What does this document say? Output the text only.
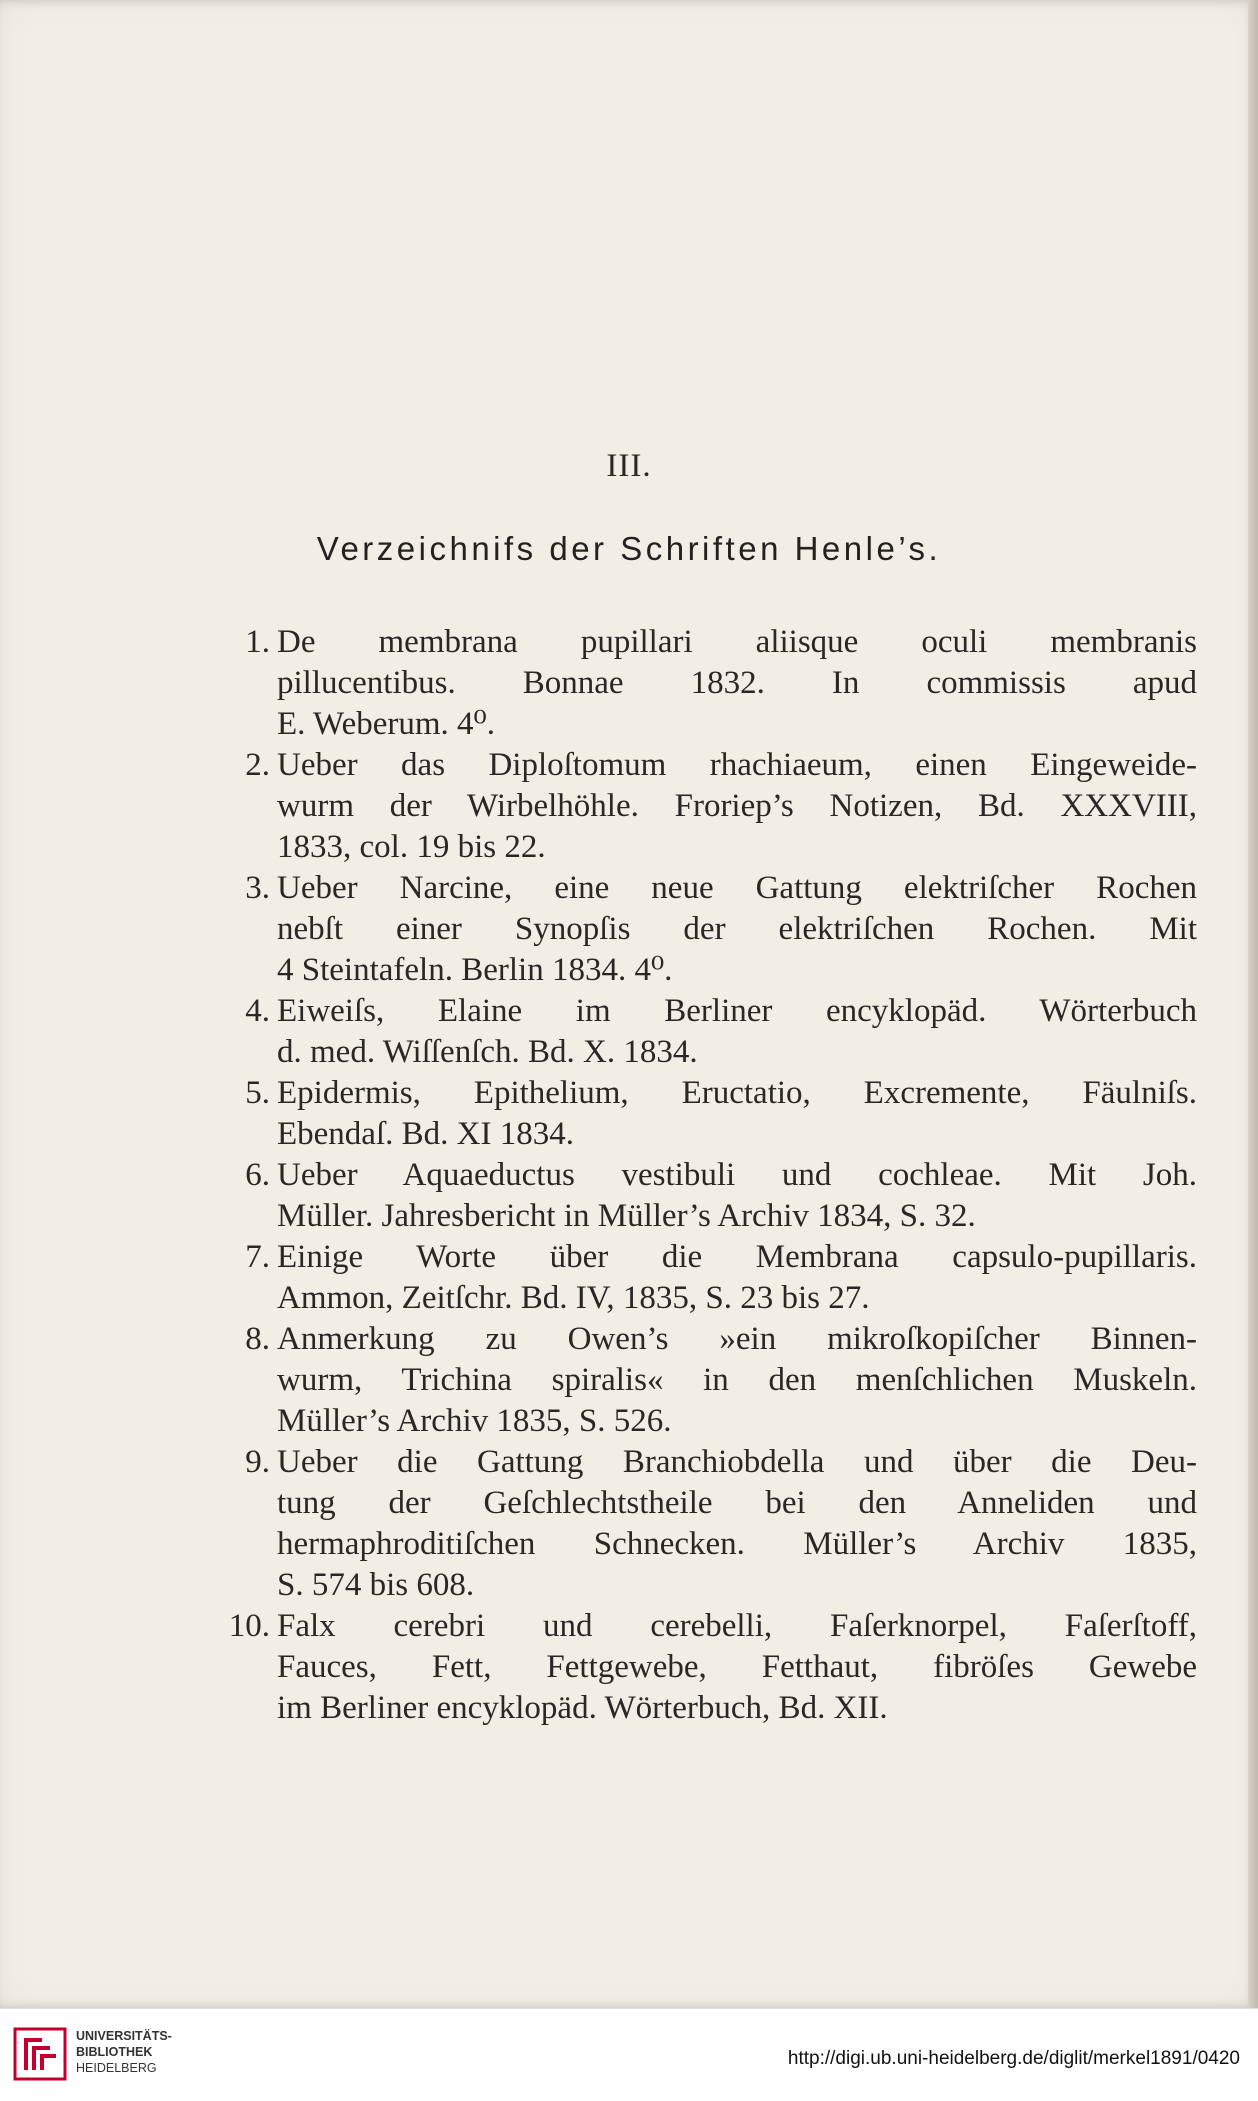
III.
Verzeichnifs der Schriften Henle’s.
1. De membrana pupillari aliisque oculi membranis
pillucentibus. Bonnae 1832. In commissis apud
E. Weberum. 4⁰.
2. Ueber das Diploſtomum rhachiaeum, einen Eingeweide-
wurm der Wirbelhöhle. Froriep’s Notizen, Bd. XXXVIII,
1833, col. 19 bis 22.
3. Ueber Narcine, eine neue Gattung elektriſcher Rochen
nebſt einer Synopſis der elektriſchen Rochen. Mit
4 Steintafeln. Berlin 1834. 4⁰.
4. Eiweiſs, Elaine im Berliner encyklopäd. Wörterbuch
d. med. Wiſſenſch. Bd. X. 1834.
5. Epidermis, Epithelium, Eructatio, Excremente, Fäulniſs.
Ebendaſ. Bd. XI 1834.
6. Ueber Aquaeductus vestibuli und cochleae. Mit Joh.
Müller. Jahresbericht in Müller’s Archiv 1834, S. 32.
7. Einige Worte über die Membrana capsulo-pupillaris.
Ammon, Zeitſchr. Bd. IV, 1835, S. 23 bis 27.
8. Anmerkung zu Owen’s »ein mikroſkopiſcher Binnen-
wurm, Trichina spiralis« in den menſchlichen Muskeln.
Müller’s Archiv 1835, S. 526.
9. Ueber die Gattung Branchiobdella und über die Deu-
tung der Geſchlechtstheile bei den Anneliden und
hermaphroditiſchen Schnecken. Müller’s Archiv 1835,
S. 574 bis 608.
10. Falx cerebri und cerebelli, Faſerknorpel, Faſerſtoff,
Fauces, Fett, Fettgewebe, Fetthaut, fibröſes Gewebe
im Berliner encyklopäd. Wörterbuch, Bd. XII.
UNIVERSITÄTS-
BIBLIOTHEK
HEIDELBERG	http://digi.ub.uni-heidelberg.de/diglit/merkel1891/0420
